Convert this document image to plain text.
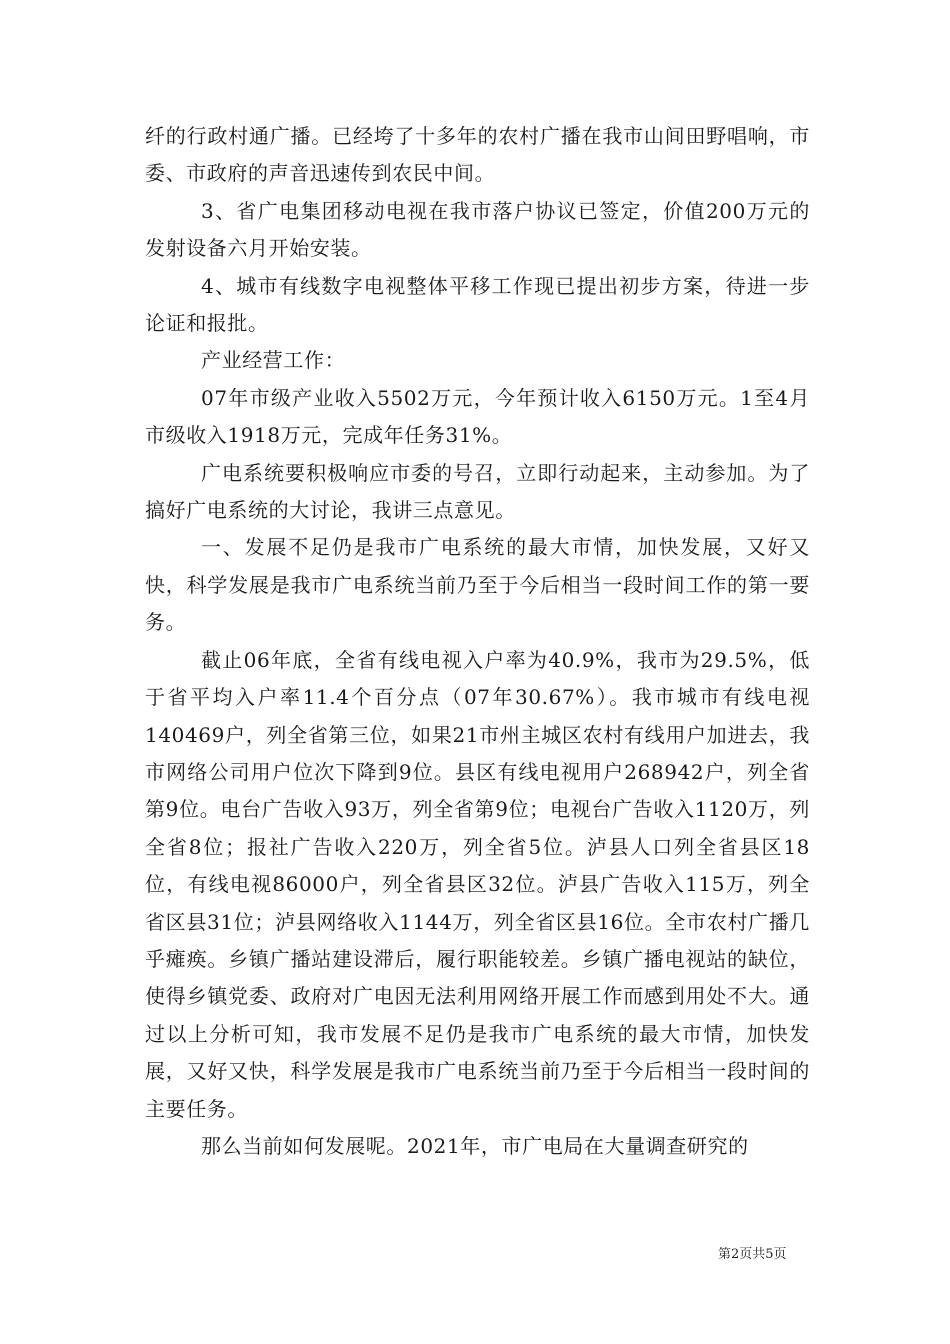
纤的行政村通广播。已经垮了十多年的农村广播在我市山间田野唱响，市委、市政府的声音迅速传到农民中间。

3、省广电集团移动电视在我市落户协议已签定，价值200万元的发射设备六月开始安装。

4、城市有线数字电视整体平移工作现已提出初步方案，待进一步论证和报批。

产业经营工作：

07年市级产业收入5502万元，今年预计收入6150万元。1至4月市级收入1918万元，完成年任务31%。

广电系统要积极响应市委的号召，立即行动起来，主动参加。为了搞好广电系统的大讨论，我讲三点意见。

一、发展不足仍是我市广电系统的最大市情，加快发展，又好又快，科学发展是我市广电系统当前乃至于今后相当一段时间工作的第一要务。

截止06年底，全省有线电视入户率为40.9%，我市为29.5%，低于省平均入户率11.4个百分点（07年30.67%）。我市城市有线电视140469户，列全省第三位，如果21市州主城区农村有线用户加进去，我市网络公司用户位次下降到9位。县区有线电视用户268942户，列全省第9位。电台广告收入93万，列全省第9位；电视台广告收入1120万，列全省8位；报社广告收入220万，列全省5位。泸县人口列全省县区18位，有线电视86000户，列全省县区32位。泸县广告收入115万，列全省区县31位；泸县网络收入1144万，列全省区县16位。全市农村广播几乎瘫痪。乡镇广播站建设滞后，履行职能较差。乡镇广播电视站的缺位，使得乡镇党委、政府对广电因无法利用网络开展工作而感到用处不大。通过以上分析可知，我市发展不足仍是我市广电系统的最大市情，加快发展，又好又快，科学发展是我市广电系统当前乃至于今后相当一段时间的主要任务。

那么当前如何发展呢。2021年，市广电局在大量调查研究的

第2页共5页
